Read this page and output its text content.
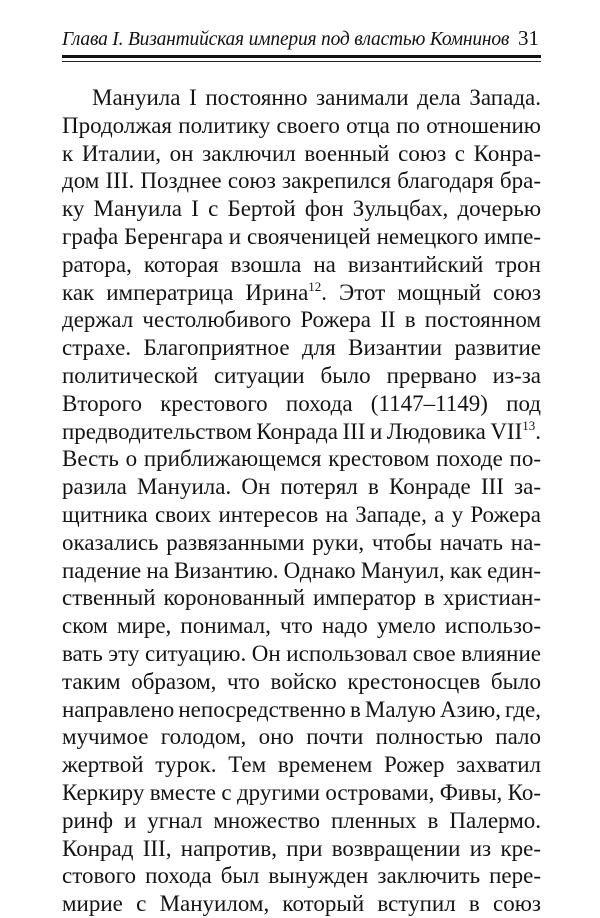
Глава I. Византийская империя под властью Комнинов 31
Мануила I постоянно занимали дела Запада.
Продолжая политику своего отца по отношению
к Италии, он заключил военный союз с Конра-
дом III. Позднее союз закрепился благодаря бра-
ку Мануила I с Бертой фон Зульцбах, дочерью
графа Беренгара и свояченицей немецкого импе-
ратора, которая взошла на византийский трон
как императрица Ирина$^{12}$. Этот мощный союз
держал честолюбивого Рожера II в постоянном
страхе. Благоприятное для Византии развитие
политической ситуации было прервано из-за
Второго крестового похода (1147–1149) под
предводительством Конрада III и Людовика VII$^{13}$.
Весть о приближающемся крестовом походе по-
разила Мануила. Он потерял в Конраде III за-
щитника своих интересов на Западе, а у Рожера
оказались развязанными руки, чтобы начать на-
падение на Византию. Однако Мануил, как един-
ственный коронованный император в христиан-
ском мире, понимал, что надо умело использо-
вать эту ситуацию. Он использовал свое влияние
таким образом, что войско крестоносцев было
направлено непосредственно в Малую Азию, где,
мучимое голодом, оно почти полностью пало
жертвой турок. Тем временем Рожер захватил
Керкиру вместе с другими островами, Фивы, Ко-
ринф и угнал множество пленных в Палермо.
Конрад III, напротив, при возвращении из кре-
стового похода был вынужден заключить пере-
мирие с Мануилом, который вступил в союз
